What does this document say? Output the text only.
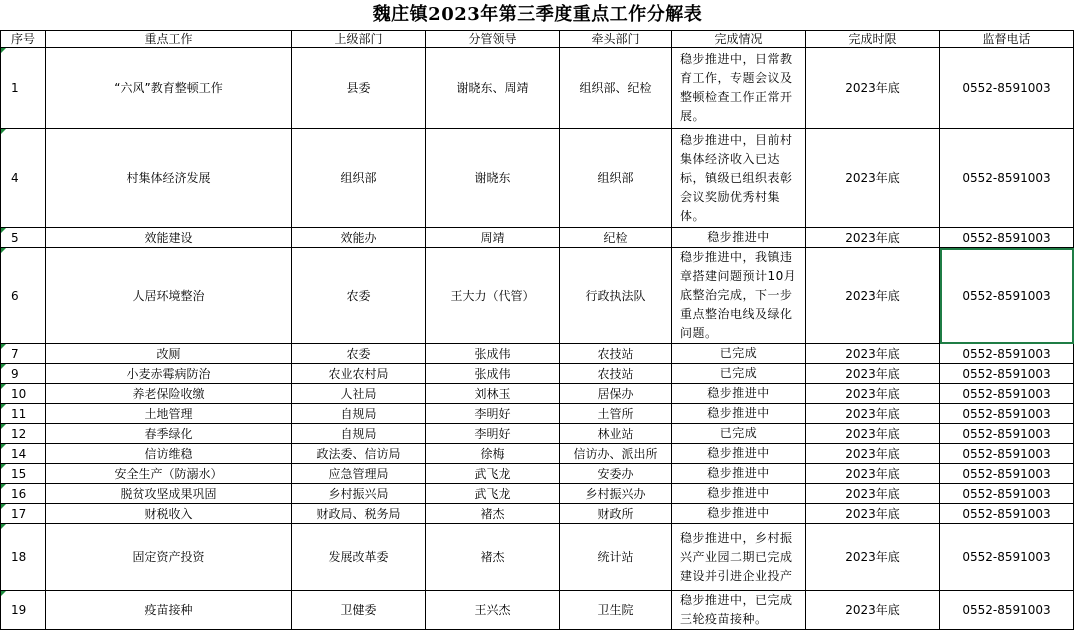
魏庄镇2023年第三季度重点工作分解表
序号	重点工作	上级部门	分管领导	牵头部门	完成情况	完成时限	监督电话
1	“六风”教育整顿工作	县委	谢晓东、周靖	组织部、纪检	稳步推进中，日常教育工作，专题会议及整顿检查工作正常开展。	2023年底	0552-8591003
4	村集体经济发展	组织部	谢晓东	组织部	稳步推进中，目前村集体经济收入已达标，镇级已组织表彰会议奖励优秀村集体。	2023年底	0552-8591003
5	效能建设	效能办	周靖	纪检	稳步推进中	2023年底	0552-8591003
6	人居环境整治	农委	王大力（代管）	行政执法队	稳步推进中，我镇违章搭建问题预计10月底整治完成，下一步重点整治电线及绿化问题。	2023年底	0552-8591003
7	改厕	农委	张成伟	农技站	已完成	2023年底	0552-8591003
9	小麦赤霉病防治	农业农村局	张成伟	农技站	已完成	2023年底	0552-8591003
10	养老保险收缴	人社局	刘林玉	居保办	稳步推进中	2023年底	0552-8591003
11	土地管理	自规局	李明好	土管所	稳步推进中	2023年底	0552-8591003
12	春季绿化	自规局	李明好	林业站	已完成	2023年底	0552-8591003
14	信访维稳	政法委、信访局	徐梅	信访办、派出所	稳步推进中	2023年底	0552-8591003
15	安全生产（防溺水）	应急管理局	武飞龙	安委办	稳步推进中	2023年底	0552-8591003
16	脱贫攻坚成果巩固	乡村振兴局	武飞龙	乡村振兴办	稳步推进中	2023年底	0552-8591003
17	财税收入	财政局、税务局	褚杰	财政所	稳步推进中	2023年底	0552-8591003
18	固定资产投资	发展改革委	褚杰	统计站	稳步推进中，乡村振兴产业园二期已完成建设并引进企业投产	2023年底	0552-8591003
19	疫苗接种	卫健委	王兴杰	卫生院	稳步推进中，已完成三轮疫苗接种。	2023年底	0552-8591003
